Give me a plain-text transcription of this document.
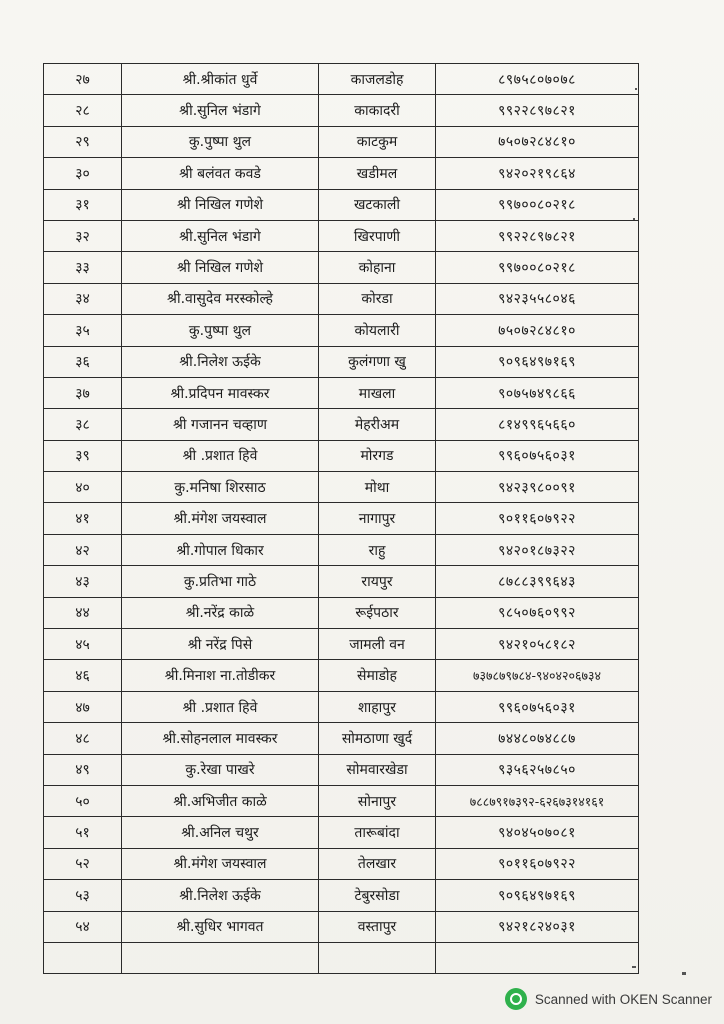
२७	श्री.श्रीकांत धुर्वे	काजलडोह	८९७५८०७०७८
२८	श्री.सुनिल भंडागे	काकादरी	९९२२८९७८२१
२९	कु.पुष्पा थुल	काटकुम	७५०७२८४८१०
३०	श्री बलंवत कवडे	खडीमल	९४२०२१९८६४
३१	श्री निखिल गणेशे	खटकाली	९९७००८०२१८
३२	श्री.सुनिल भंडागे	खिरपाणी	९९२२८९७८२१
३३	श्री निखिल गणेशे	कोहाना	९९७००८०२१८
३४	श्री.वासुदेव मरस्कोल्हे	कोरडा	९४२३५५८०४६
३५	कु.पुष्पा थुल	कोयलारी	७५०७२८४८१०
३६	श्री.निलेश ऊईके	कुलंगणा खु	९०९६४९७१६९
३७	श्री.प्रदिपन मावस्कर	माखला	९०७५७४९८६६
३८	श्री गजानन चव्हाण	मेहरीअम	८१४९९६५६६०
३९	श्री .प्रशात हिवे	मोरगड	९९६०७५६०३१
४०	कु.मनिषा शिरसाठ	मोथा	९४२३९८००९१
४१	श्री.मंगेश जयस्वाल	नागापुर	९०११६०७९२२
४२	श्री.गोपाल धिकार	राहु	९४२०१८७३२२
४३	कु.प्रतिभा गाठे	रायपुर	८७८८३९९६४३
४४	श्री.नरेंद्र काळे	रूईपठार	९८५०७६०९९२
४५	श्री नरेंद्र पिसे	जामली वन	९४२१०५८१८२
४६	श्री.मिनाश ना.तोडीकर	सेमाडोह	७३७८७९७८४-९४०४२०६७३४
४७	श्री .प्रशात हिवे	शाहापुर	९९६०७५६०३१
४८	श्री.सोहनलाल मावस्कर	सोमठाणा खुर्द	७४४८०७४८८७
४९	कु.रेखा पाखरे	सोमवारखेडा	९३५६२५७८५०
५०	श्री.अभिजीत काळे	सोनापुर	७८८७९१७३९२-६२६७३१४१६१
५१	श्री.अनिल चथुर	तारूबांदा	९४०४५०७०८१
५२	श्री.मंगेश जयस्वाल	तेलखार	९०११६०७९२२
५३	श्री.निलेश ऊईके	टेबुरसोडा	९०९६४९७१६९
५४	श्री.सुधिर भागवत	वस्तापुर	९४२१८२४०३१

Scanned with OKEN Scanner
